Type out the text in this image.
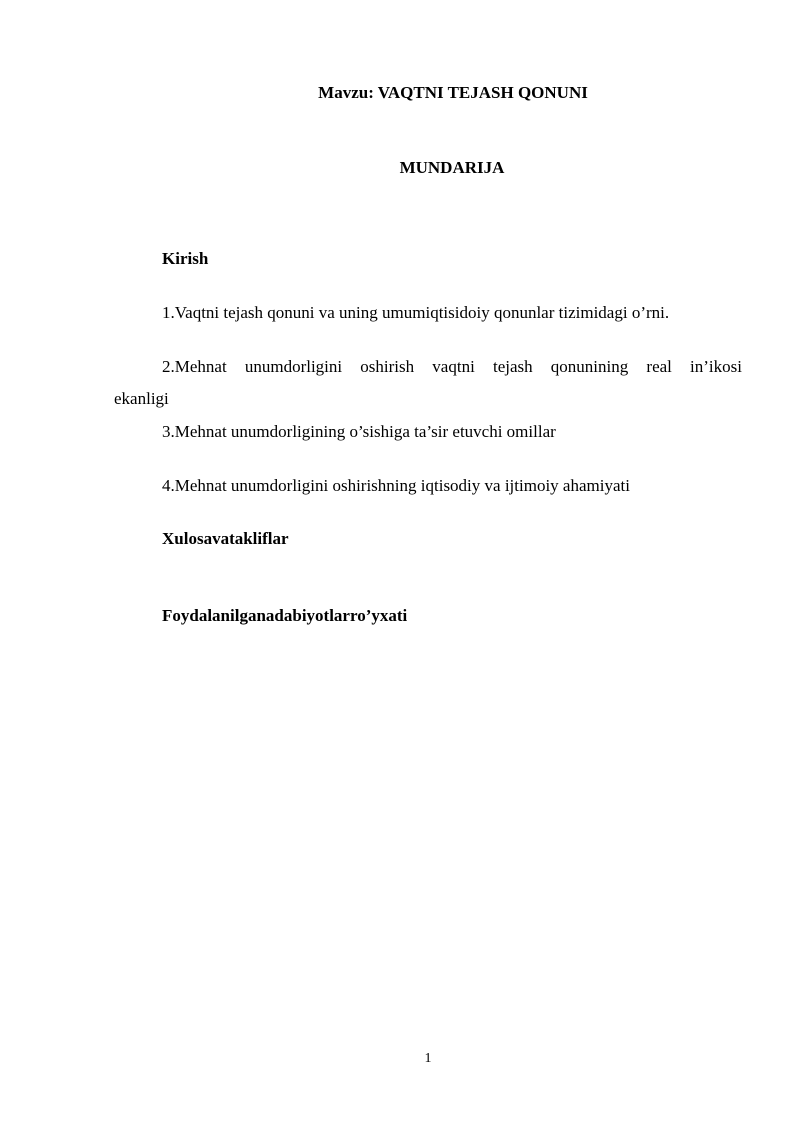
Mavzu: VAQTNI TEJASH QONUNI
MUNDARIJA
Kirish
1.Vaqtni tejash qonuni va uning umumiqtisidoiy qonunlar tizimidagi o’rni.
2.Mehnat unumdorligini oshirish vaqtni tejash qonunining real in’ikosi
ekanligi
3.Mehnat unumdorligining o’sishiga ta’sir etuvchi omillar
4.Mehnat unumdorligini oshirishning iqtisodiy va ijtimoiy ahamiyati
Xulosavatakliflar
Foydalanilganadabiyotlarro’yxati
1
